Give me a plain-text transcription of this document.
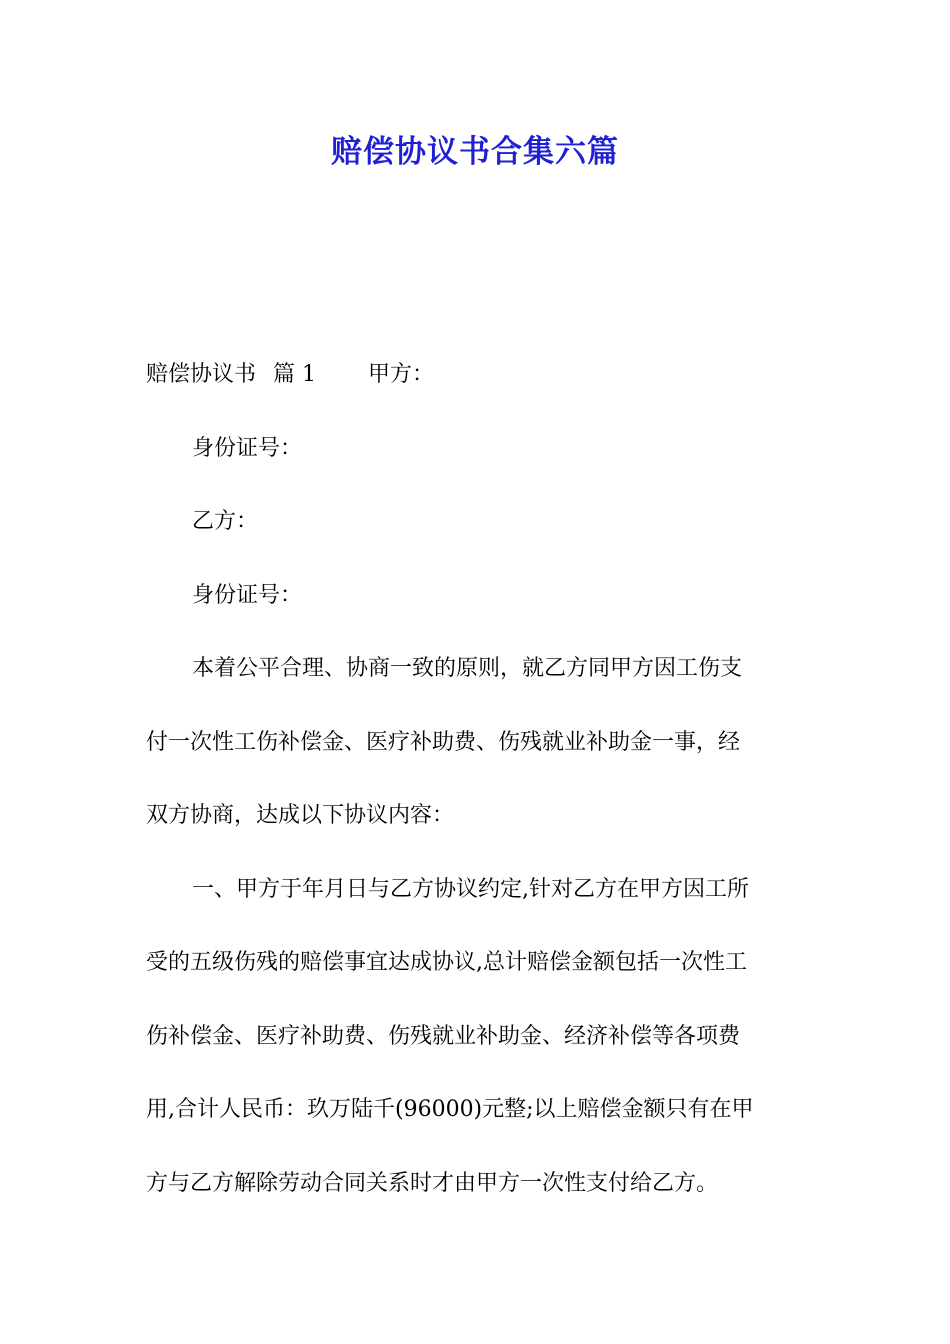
赔偿协议书合集六篇
赔偿协议书 篇 1 甲方：
身份证号：
乙方：
身份证号：
本着公平合理、协商一致的原则，就乙方同甲方因工伤支
付一次性工伤补偿金、医疗补助费、伤残就业补助金一事，经
双方协商，达成以下协议内容：
一、甲方于年月日与乙方协议约定,针对乙方在甲方因工所
受的五级伤残的赔偿事宜达成协议,总计赔偿金额包括一次性工
伤补偿金、医疗补助费、伤残就业补助金、经济补偿等各项费
用,合计人民币：玖万陆千(96000)元整;以上赔偿金额只有在甲
方与乙方解除劳动合同关系时才由甲方一次性支付给乙方。
